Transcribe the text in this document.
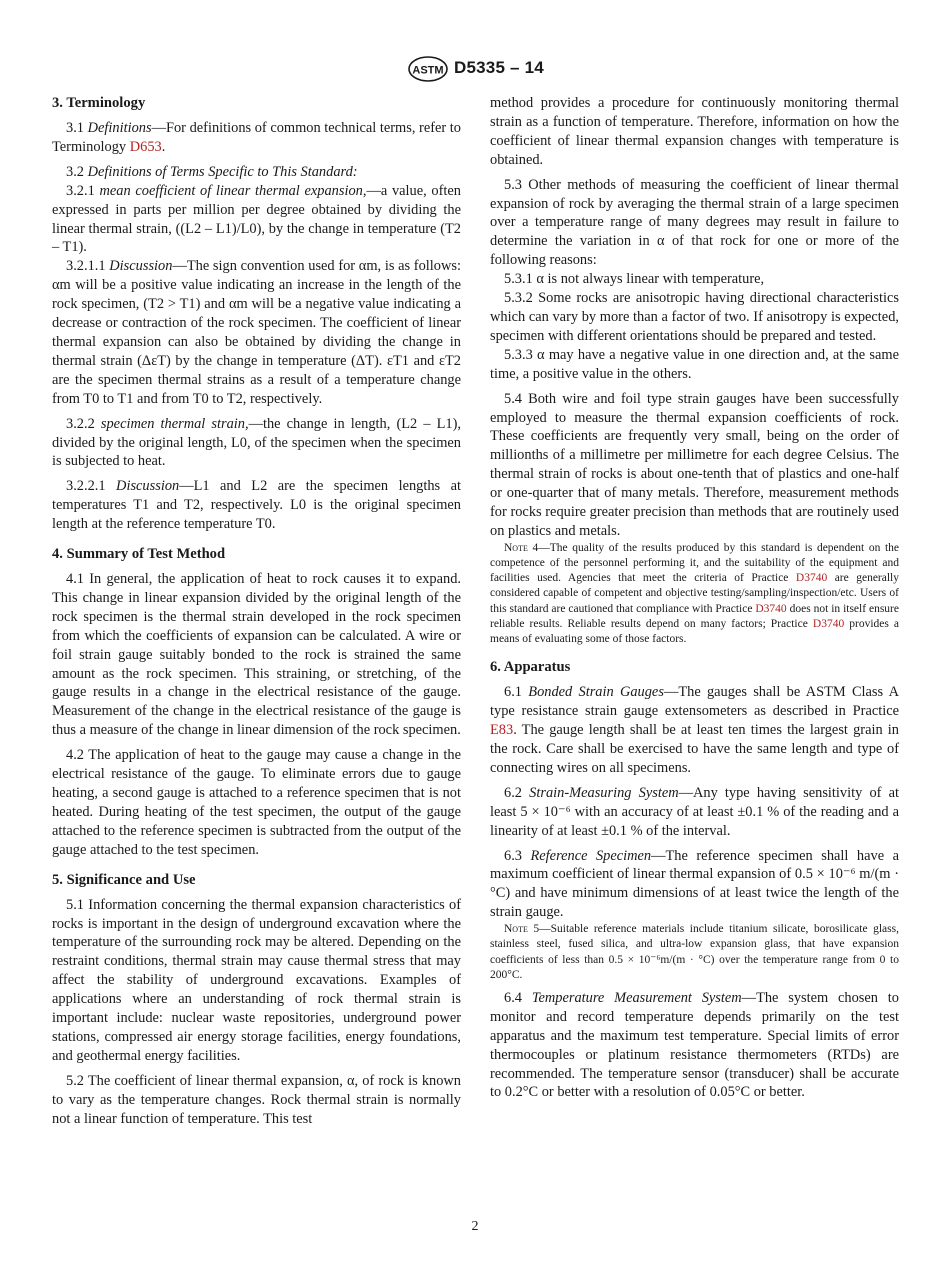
ASTM D5335 – 14
3. Terminology

3.1 Definitions—For definitions of common technical terms, refer to Terminology D653.

3.2 Definitions of Terms Specific to This Standard:

3.2.1 mean coefficient of linear thermal expansion,—a value, often expressed in parts per million per degree obtained by dividing the linear thermal strain, ((L2 – L1)/L0), by the change in temperature (T2 – T1).

3.2.1.1 Discussion—The sign convention used for αm, is as follows: αm will be a positive value indicating an increase in the length of the rock specimen, (T2 > T1) and αm will be a negative value indicating a decrease or contraction of the rock specimen. The coefficient of linear thermal expansion can also be obtained by dividing the change in thermal strain (ΔεT) by the change in temperature (ΔT). εT1 and εT2 are the specimen thermal strains as a result of a temperature change from T0 to T1 and from T0 to T2, respectively.

3.2.2 specimen thermal strain,—the change in length, (L2 – L1), divided by the original length, L0, of the specimen when the specimen is subjected to heat.

3.2.2.1 Discussion—L1 and L2 are the specimen lengths at temperatures T1 and T2, respectively. L0 is the original specimen length at the reference temperature T0.

4. Summary of Test Method

4.1 In general, the application of heat to rock causes it to expand. This change in linear expansion divided by the original length of the rock specimen is the thermal strain developed in the rock specimen from which the coefficients of expansion can be calculated. A wire or foil strain gauge suitably bonded to the rock is strained the same amount as the rock specimen. This straining, or stretching, of the gauge results in a change in the electrical resistance of the gauge. Measurement of the change in the electrical resistance of the gauge is thus a measure of the change in linear dimension of the rock specimen.

4.2 The application of heat to the gauge may cause a change in the electrical resistance of the gauge. To eliminate errors due to gauge heating, a second gauge is attached to a reference specimen that is not heated. During heating of the test specimen, the output of the gauge attached to the reference specimen is subtracted from the output of the gauge attached to the test specimen.

5. Significance and Use

5.1 Information concerning the thermal expansion characteristics of rocks is important in the design of underground excavation where the temperature of the surrounding rock may be altered. Depending on the restraint conditions, thermal strain may cause thermal stress that may affect the stability of underground excavations. Examples of applications where an understanding of rock thermal strain is important include: nuclear waste repositories, underground power stations, compressed air energy storage facilities, energy foundations, and geothermal energy facilities.

5.2 The coefficient of linear thermal expansion, α, of rock is known to vary as the temperature changes. Rock thermal strain is normally not a linear function of temperature. This test

method provides a procedure for continuously monitoring thermal strain as a function of temperature. Therefore, information on how the coefficient of linear thermal expansion changes with temperature is obtained.

5.3 Other methods of measuring the coefficient of linear thermal expansion of rock by averaging the thermal strain of a large specimen over a temperature range of many degrees may result in failure to determine the variation in α of that rock for one or more of the following reasons:

5.3.1 α is not always linear with temperature,

5.3.2 Some rocks are anisotropic having directional characteristics which can vary by more than a factor of two. If anisotropy is expected, specimen with different orientations should be prepared and tested.

5.3.3 α may have a negative value in one direction and, at the same time, a positive value in the others.

5.4 Both wire and foil type strain gauges have been successfully employed to measure the thermal expansion coefficients of rock. These coefficients are frequently very small, being on the order of millionths of a millimetre per millimetre for each degree Celsius. The thermal strain of rocks is about one-tenth that of plastics and one-half or one-quarter that of many metals. Therefore, measurement methods for rocks require greater precision than methods that are routinely used on plastics and metals.

Note 4—The quality of the results produced by this standard is dependent on the competence of the personnel performing it, and the suitability of the equipment and facilities used. Agencies that meet the criteria of Practice D3740 are generally considered capable of competent and objective testing/sampling/inspection/etc. Users of this standard are cautioned that compliance with Practice D3740 does not in itself ensure reliable results. Reliable results depend on many factors; Practice D3740 provides a means of evaluating some of those factors.

6. Apparatus

6.1 Bonded Strain Gauges—The gauges shall be ASTM Class A type resistance strain gauge extensometers as described in Practice E83. The gauge length shall be at least ten times the largest grain in the rock. Care shall be exercised to have the same length and type of connecting wires on all specimens.

6.2 Strain-Measuring System—Any type having sensitivity of at least 5 × 10⁻⁶ with an accuracy of at least ±0.1 % of the reading and a linearity of at least ±0.1 % of the interval.

6.3 Reference Specimen—The reference specimen shall have a maximum coefficient of linear thermal expansion of 0.5 × 10⁻⁶ m/(m · °C) and have minimum dimensions of at least twice the length of the strain gauge.

Note 5—Suitable reference materials include titanium silicate, borosilicate glass, stainless steel, fused silica, and ultra-low expansion glass, that have expansion coefficients of less than 0.5 × 10⁻⁶m/(m · °C) over the temperature range from 0 to 200°C.

6.4 Temperature Measurement System—The system chosen to monitor and record temperature depends primarily on the test apparatus and the maximum test temperature. Special limits of error thermocouples or platinum resistance thermometers (RTDs) are recommended. The temperature sensor (transducer) shall be accurate to 0.2°C or better with a resolution of 0.05°C or better.

2
